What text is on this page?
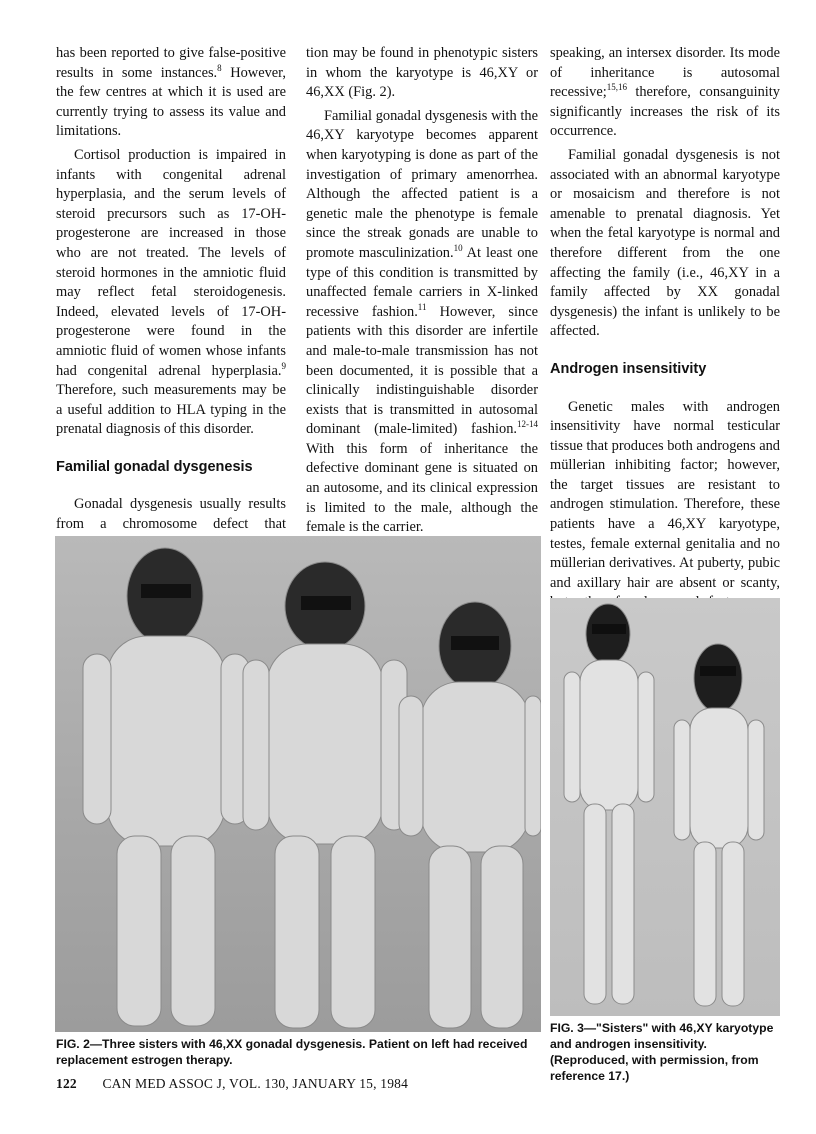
has been reported to give false-positive results in some instances.$^8$ However, the few centres at which it is used are currently trying to assess its value and limitations.

Cortisol production is impaired in infants with congenital adrenal hyperplasia, and the serum levels of steroid precursors such as 17-OH-progesterone are increased in those who are not treated. The levels of steroid hormones in the amniotic fluid may reflect fetal steroidogenesis. Indeed, elevated levels of 17-OH-progesterone were found in the amniotic fluid of women whose infants had congenital adrenal hyperplasia.$^9$ Therefore, such measurements may be a useful addition to HLA typing in the prenatal diagnosis of this disorder.

Familial gonadal dysgenesis

Gonadal dysgenesis usually results from a chromosome defect that

tion may be found in phenotypic sisters in whom the karyotype is 46,XY or 46,XX (Fig. 2).

Familial gonadal dysgenesis with the 46,XY karyotype becomes apparent when karyotyping is done as part of the investigation of primary amenorrhea. Although the affected patient is a genetic male the phenotype is female since the streak gonads are unable to promote masculinization.$^{10}$ At least one type of this condition is transmitted by unaffected female carriers in X-linked recessive fashion.$^{11}$ However, since patients with this disorder are infertile and male-to-male transmission has not been documented, it is possible that a clinically indistinguishable disorder exists that is transmitted in autosomal dominant (male-limited) fashion.$^{12-14}$ With this form of inheritance the defective dominant gene is situated on an autosome, and its clinical expression is limited to the male, although the female is the carrier.

speaking, an intersex disorder. Its mode of inheritance is autosomal recessive;$^{15,16}$ therefore, consanguinity significantly increases the risk of its occurrence.

Familial gonadal dysgenesis is not associated with an abnormal karyotype or mosaicism and therefore is not amenable to prenatal diagnosis. Yet when the fetal karyotype is normal and therefore different from the one affecting the family (i.e., 46,XY in a family affected by XX gonadal dysgenesis) the infant is unlikely to be affected.

Androgen insensitivity

Genetic males with androgen insensitivity have normal testicular tissue that produces both androgens and müllerian inhibiting factor; however, the target tissues are resistant to androgen stimulation. Therefore, these patients have a 46,XY karyotype, testes, female external genitalia and no müllerian derivatives. At puberty, pubic and axillary hair are absent or scanty,

FIG. 2—Three sisters with 46,XX gonadal dysgenesis. Patient on left had received replacement estrogen therapy.
FIG. 3—"Sisters" with 46,XY karyotype and androgen insensitivity. (Reproduced, with permission, from reference 17.)
122 CAN MED ASSOC J, VOL. 130, JANUARY 15, 1984
